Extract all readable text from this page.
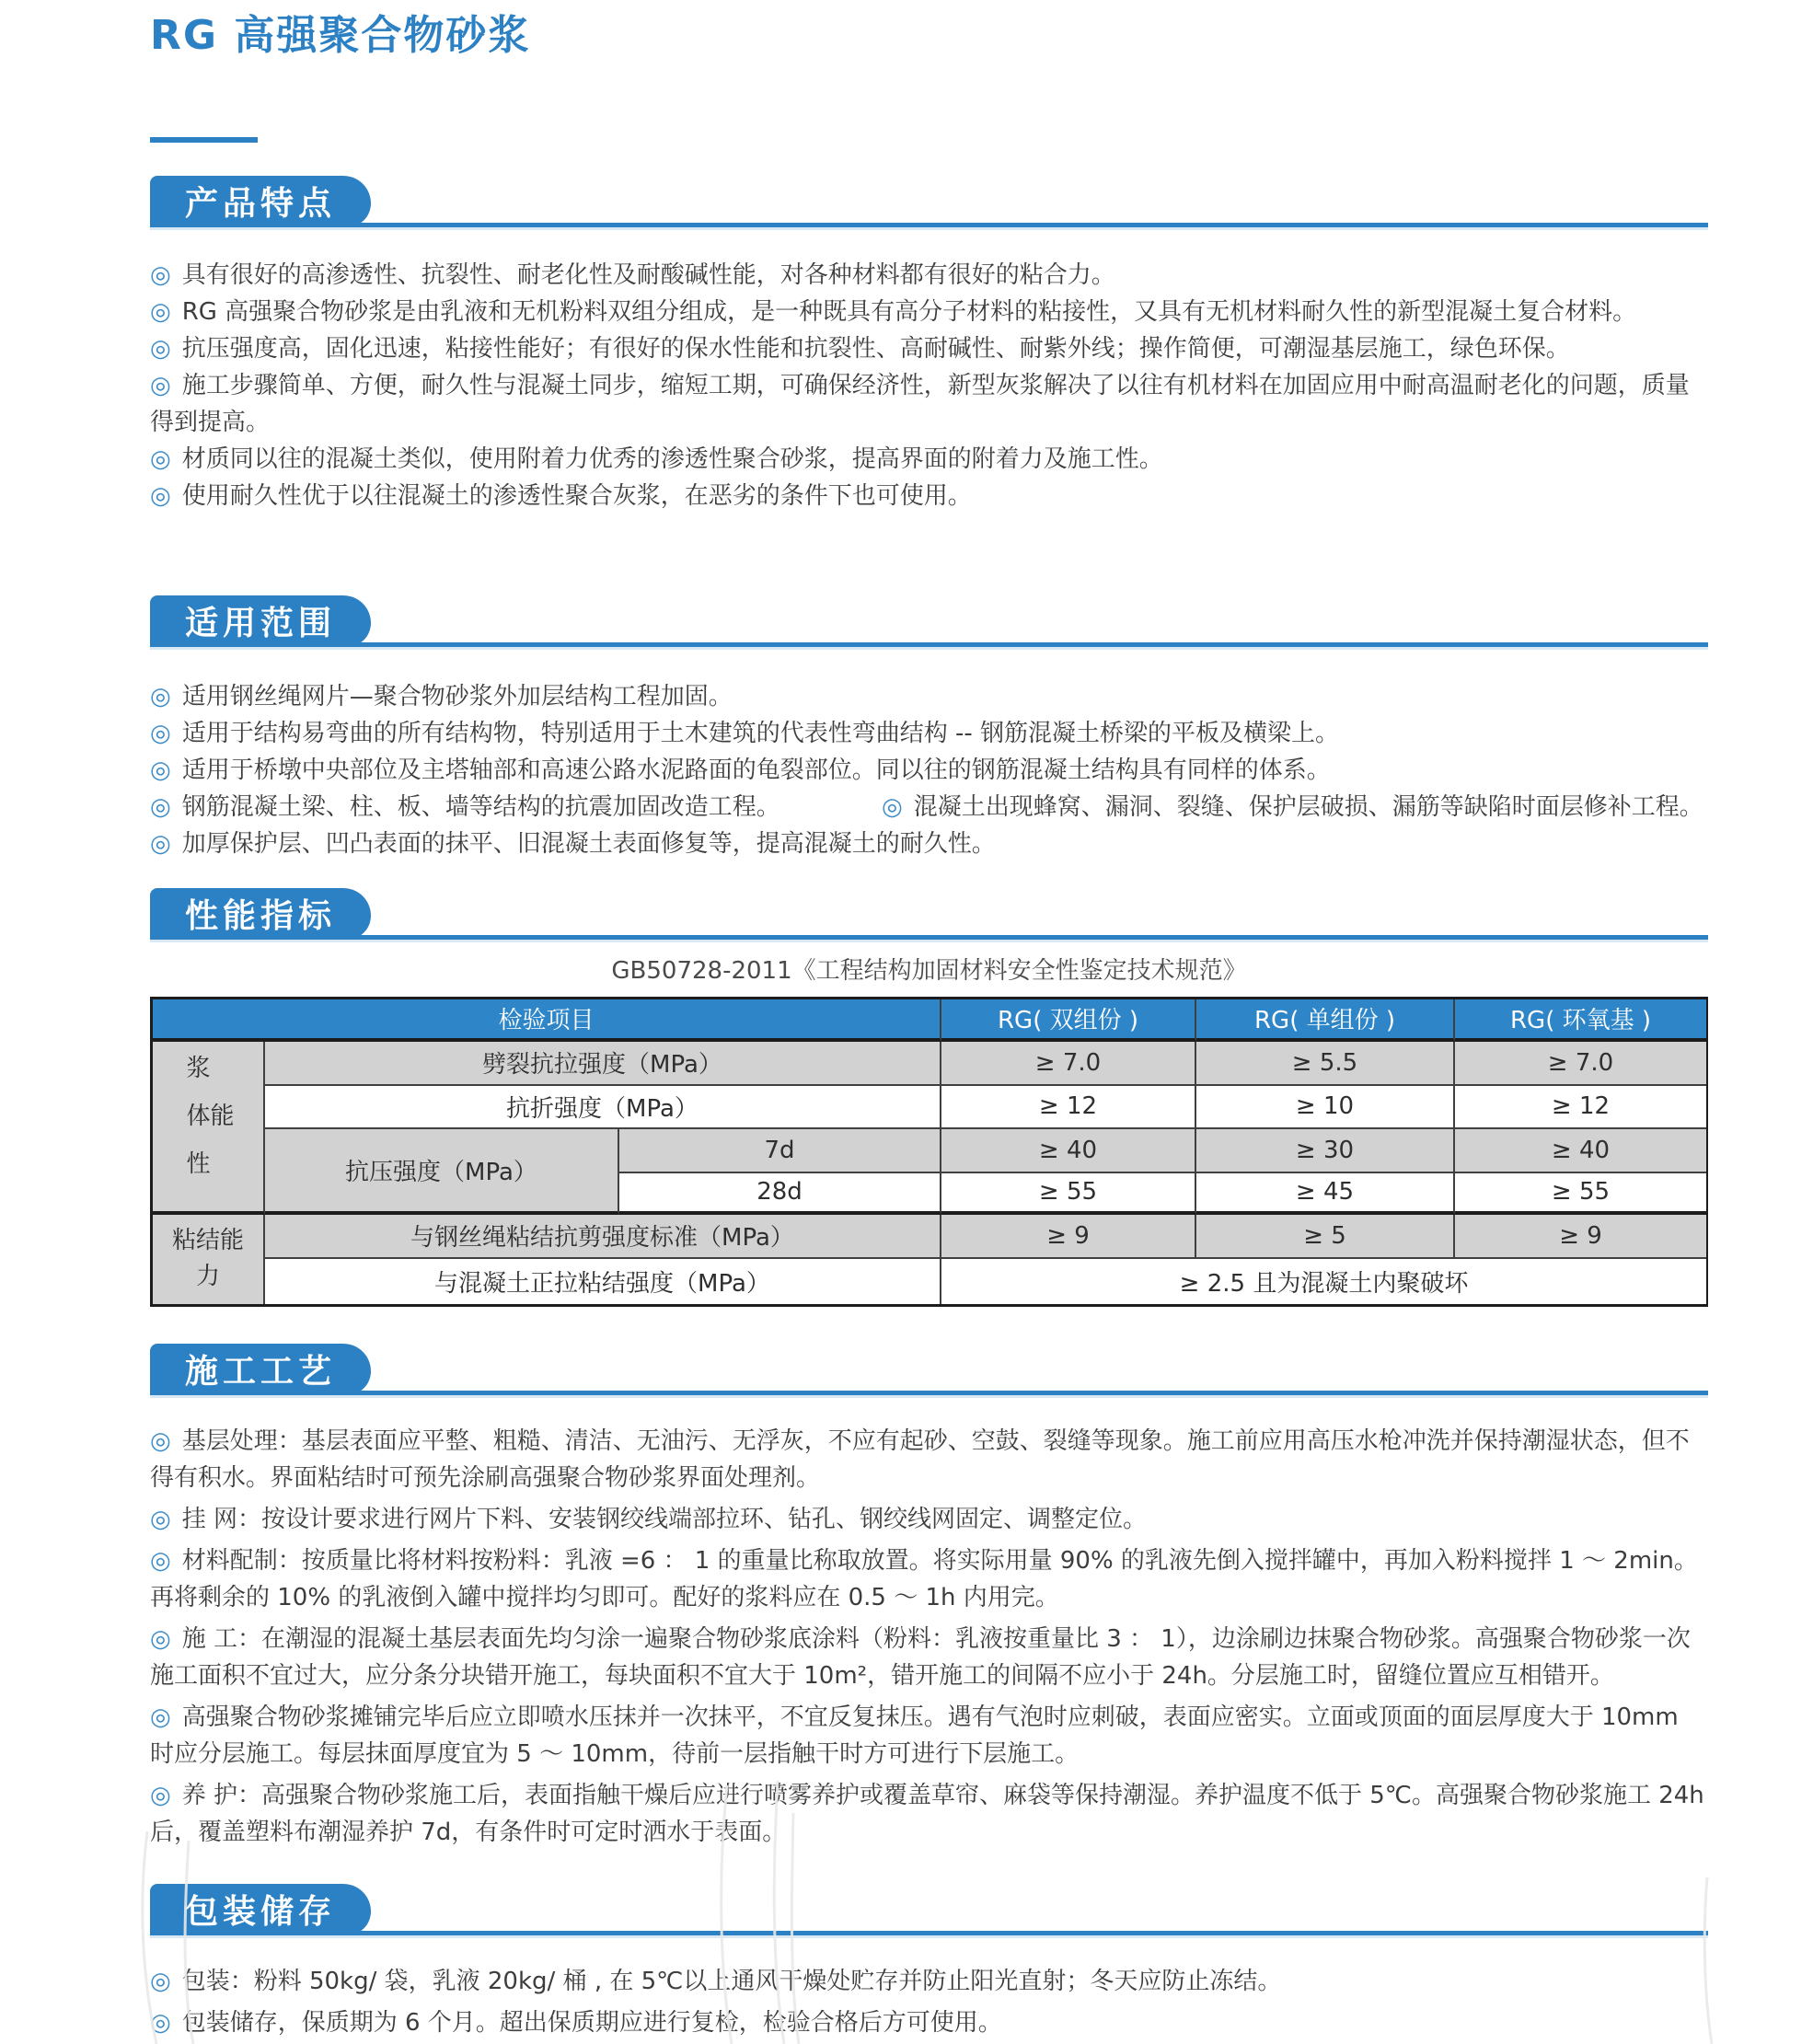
RG 高强聚合物砂浆
产品特点

◎ 具有很好的高渗透性、抗裂性、耐老化性及耐酸碱性能，对各种材料都有很好的粘合力。

◎ RG 高强聚合物砂浆是由乳液和无机粉料双组分组成，是一种既具有高分子材料的粘接性，又具有无机材料耐久性的新型混凝土复合材料。

◎ 抗压强度高，固化迅速，粘接性能好；有很好的保水性能和抗裂性、高耐碱性、耐紫外线；操作简便，可潮湿基层施工，绿色环保。

◎ 施工步骤简单、方便，耐久性与混凝土同步，缩短工期，可确保经济性，新型灰浆解决了以往有机材料在加固应用中耐高温耐老化的问题，质量得到提高。

◎ 材质同以往的混凝土类似，使用附着力优秀的渗透性聚合砂浆，提高界面的附着力及施工性。

◎ 使用耐久性优于以往混凝土的渗透性聚合灰浆，在恶劣的条件下也可使用。

适用范围

◎ 适用钢丝绳网片—聚合物砂浆外加层结构工程加固。

◎ 适用于结构易弯曲的所有结构物，特别适用于土木建筑的代表性弯曲结构 -- 钢筋混凝土桥梁的平板及横梁上。

◎ 适用于桥墩中央部位及主塔轴部和高速公路水泥路面的龟裂部位。同以往的钢筋混凝土结构具有同样的体系。

◎ 钢筋混凝土梁、柱、板、墙等结构的抗震加固改造工程。	◎ 混凝土出现蜂窝、漏洞、裂缝、保护层破损、漏筋等缺陷时面层修补工程。

◎ 加厚保护层、凹凸表面的抹平、旧混凝土表面修复等，提高混凝土的耐久性。

性能指标

GB50728-2011《工程结构加固材料安全性鉴定技术规范》

检验项目	RG( 双组份 )	RG( 单组份 )	RG( 环氧基 )
浆体性能
劈裂抗拉强度（MPa）	≥ 7.0	≥ 5.5	≥ 7.0
抗折强度（MPa）	≥ 12	≥ 10	≥ 12
抗压强度（MPa）
7d	≥ 40	≥ 30	≥ 40
28d	≥ 55	≥ 45	≥ 55
粘结能力
与钢丝绳粘结抗剪强度标准（MPa）	≥ 9	≥ 5	≥ 9
与混凝土正拉粘结强度（MPa）	≥ 2.5 且为混凝土内聚破坏
施工工艺

◎ 基层处理：基层表面应平整、粗糙、清洁、无油污、无浮灰，不应有起砂、空鼓、裂缝等现象。施工前应用高压水枪冲洗并保持潮湿状态，但不得有积水。界面粘结时可预先涂刷高强聚合物砂浆界面处理剂。

◎ 挂 网：按设计要求进行网片下料、安装钢绞线端部拉环、钻孔、钢绞线网固定、调整定位。

◎ 材料配制：按质量比将材料按粉料：乳液 =6 ： 1 的重量比称取放置。将实际用量 90% 的乳液先倒入搅拌罐中，再加入粉料搅拌 1 ～ 2min。再将剩余的 10% 的乳液倒入罐中搅拌均匀即可。配好的浆料应在 0.5 ～ 1h 内用完。

◎ 施 工：在潮湿的混凝土基层表面先均匀涂一遍聚合物砂浆底涂料（粉料：乳液按重量比 3 ： 1），边涂刷边抹聚合物砂浆。高强聚合物砂浆一次施工面积不宜过大，应分条分块错开施工，每块面积不宜大于 10m²，错开施工的间隔不应小于 24h。分层施工时，留缝位置应互相错开。

◎ 高强聚合物砂浆摊铺完毕后应立即喷水压抹并一次抹平，不宜反复抹压。遇有气泡时应刺破，表面应密实。立面或顶面的面层厚度大于 10mm 时应分层施工。每层抹面厚度宜为 5 ～ 10mm，待前一层指触干时方可进行下层施工。

◎ 养 护：高强聚合物砂浆施工后，表面指触干燥后应进行喷雾养护或覆盖草帘、麻袋等保持潮湿。养护温度不低于 5℃。高强聚合物砂浆施工 24h 后，覆盖塑料布潮湿养护 7d，有条件时可定时洒水于表面。

包装储存

◎ 包装：粉料 50kg/ 袋，乳液 20kg/ 桶 , 在 5℃以上通风干燥处贮存并防止阳光直射；冬天应防止冻结。

◎ 包装储存，保质期为 6 个月。超出保质期应进行复检，检验合格后方可使用。
